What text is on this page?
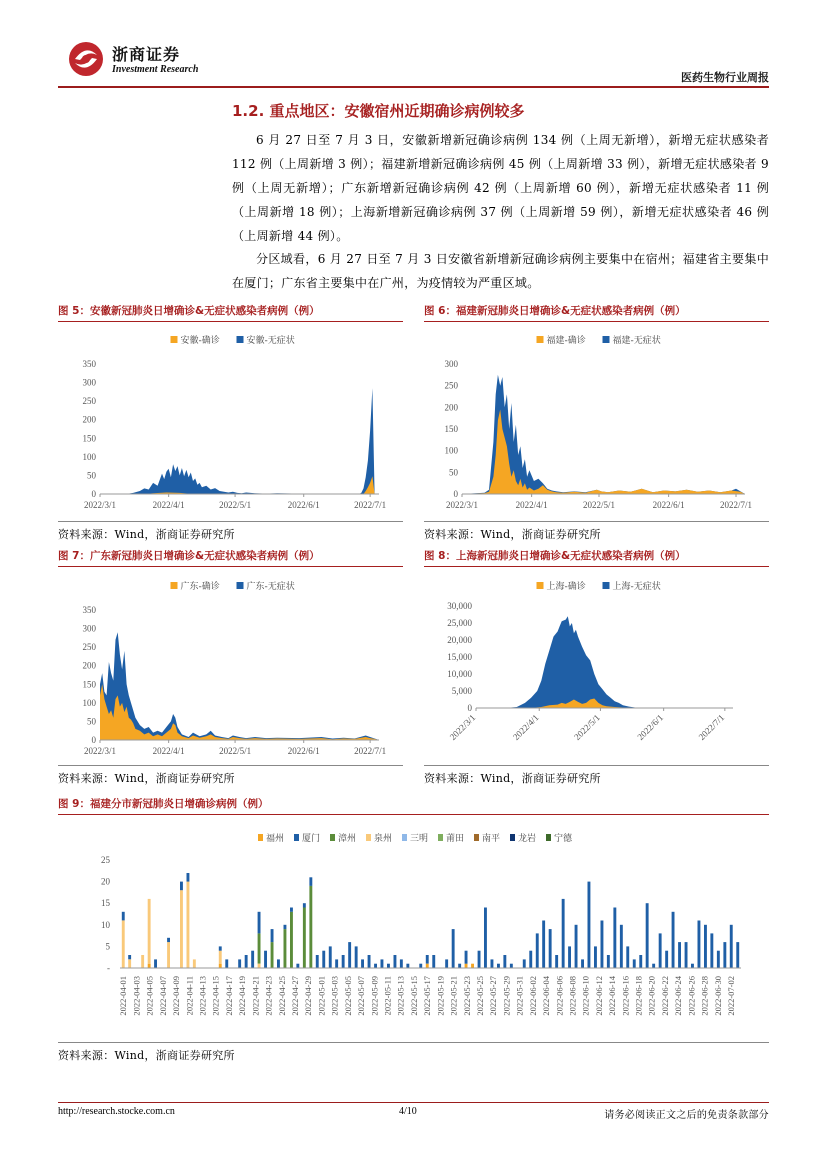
浙商证券
Investment Research
医药生物行业周报
1.2. 重点地区：安徽宿州近期确诊病例较多

6 月 27 日至 7 月 3 日，安徽新增新冠确诊病例 134 例（上周无新增），新增无症状感染者 112 例（上周新增 3 例）；福建新增新冠确诊病例 45 例（上周新增 33 例），新增无症状感染者 9 例（上周无新增）；广东新增新冠确诊病例 42 例（上周新增 60 例），新增无症状感染者 11 例（上周新增 18 例）；上海新增新冠确诊病例 37 例（上周新增 59 例），新增无症状感染者 46 例（上周新增 44 例）。

分区域看，6 月 27 日至 7 月 3 日安徽省新增新冠确诊病例主要集中在宿州；福建省主要集中在厦门；广东省主要集中在广州，为疫情较为严重区域。

图 5：安徽新冠肺炎日增确诊&无症状感染者病例（例）
安徽-确诊	安徽-无症状
0
50
100
150
200
250
300
350
2022/3/1	2022/4/1	2022/5/1	2022/6/1	2022/7/1
资料来源：Wind，浙商证券研究所
图 6：福建新冠肺炎日增确诊&无症状感染者病例（例）
福建-确诊	福建-无症状
0
50
100
150
200
250
300
2022/3/1	2022/4/1	2022/5/1	2022/6/1	2022/7/1
资料来源：Wind，浙商证券研究所
图 7：广东新冠肺炎日增确诊&无症状感染者病例（例）
广东-确诊	广东-无症状
0
50
100
150
200
250
300
350
2022/3/1	2022/4/1	2022/5/1	2022/6/1	2022/7/1
资料来源：Wind，浙商证券研究所
图 8：上海新冠肺炎日增确诊&无症状感染者病例（例）
上海-确诊	上海-无症状
0
5,000
10,000
15,000
20,000
25,000
30,000
2022/3/1	2022/4/1	2022/5/1	2022/6/1	2022/7/1
资料来源：Wind，浙商证券研究所
图 9：福建分市新冠肺炎日增确诊病例（例）
福州 厦门 漳州 泉州 三明 莆田 南平 龙岩 宁德
-
5
10
15
20
25
2022-04-01 2022-04-03 2022-04-05 2022-04-07 2022-04-09 2022-04-11 2022-04-13 2022-04-15 2022-04-17 2022-04-19 2022-04-21 2022-04-23 2022-04-25 2022-04-27 2022-04-29 2022-05-01 2022-05-03 2022-05-05 2022-05-07 2022-05-09 2022-05-11 2022-05-13 2022-05-15 2022-05-17 2022-05-19 2022-05-21 2022-05-23 2022-05-25 2022-05-27 2022-05-29 2022-05-31 2022-06-02 2022-06-04 2022-06-06 2022-06-08 2022-06-10 2022-06-12 2022-06-14 2022-06-16 2022-06-18 2022-06-20 2022-06-22 2022-06-24 2022-06-26 2022-06-28 2022-06-30 2022-07-02
资料来源：Wind，浙商证券研究所
http://research.stocke.com.cn	4/10	请务必阅读正文之后的免责条款部分
